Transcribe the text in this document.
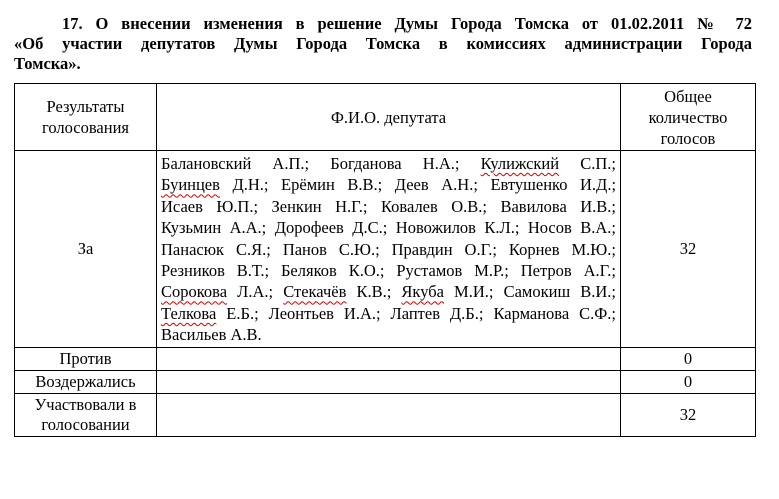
17. О внесении изменения в решение Думы Города Томска от 01.02.2011 № 72
«Об участии депутатов Думы Города Томска в комиссиях администрации Города
Томска».
Результаты голосования	Ф.И.О. депутата	Общее количество голосов
За	Балановский А.П.; Богданова Н.А.; Кулижский С.П.; Буинцев Д.Н.; Ерёмин В.В.; Деев А.Н.; Евтушенко И.Д.; Исаев Ю.П.; Зенкин Н.Г.; Ковалев О.В.; Вавилова И.В.; Кузьмин А.А.; Дорофеев Д.С.; Новожилов К.Л.; Носов В.А.; Панасюк С.Я.; Панов С.Ю.; Правдин О.Г.; Корнев М.Ю.; Резников В.Т.; Беляков К.О.; Рустамов М.Р.; Петров А.Г.; Сорокова Л.А.; Стекачёв К.В.; Якуба М.И.; Самокиш В.И.; Телкова Е.Б.; Леонтьев И.А.; Лаптев Д.Б.; Карманова С.Ф.; Васильев А.В.	32
Против		0
Воздержались		0
Участвовали в голосовании		32
